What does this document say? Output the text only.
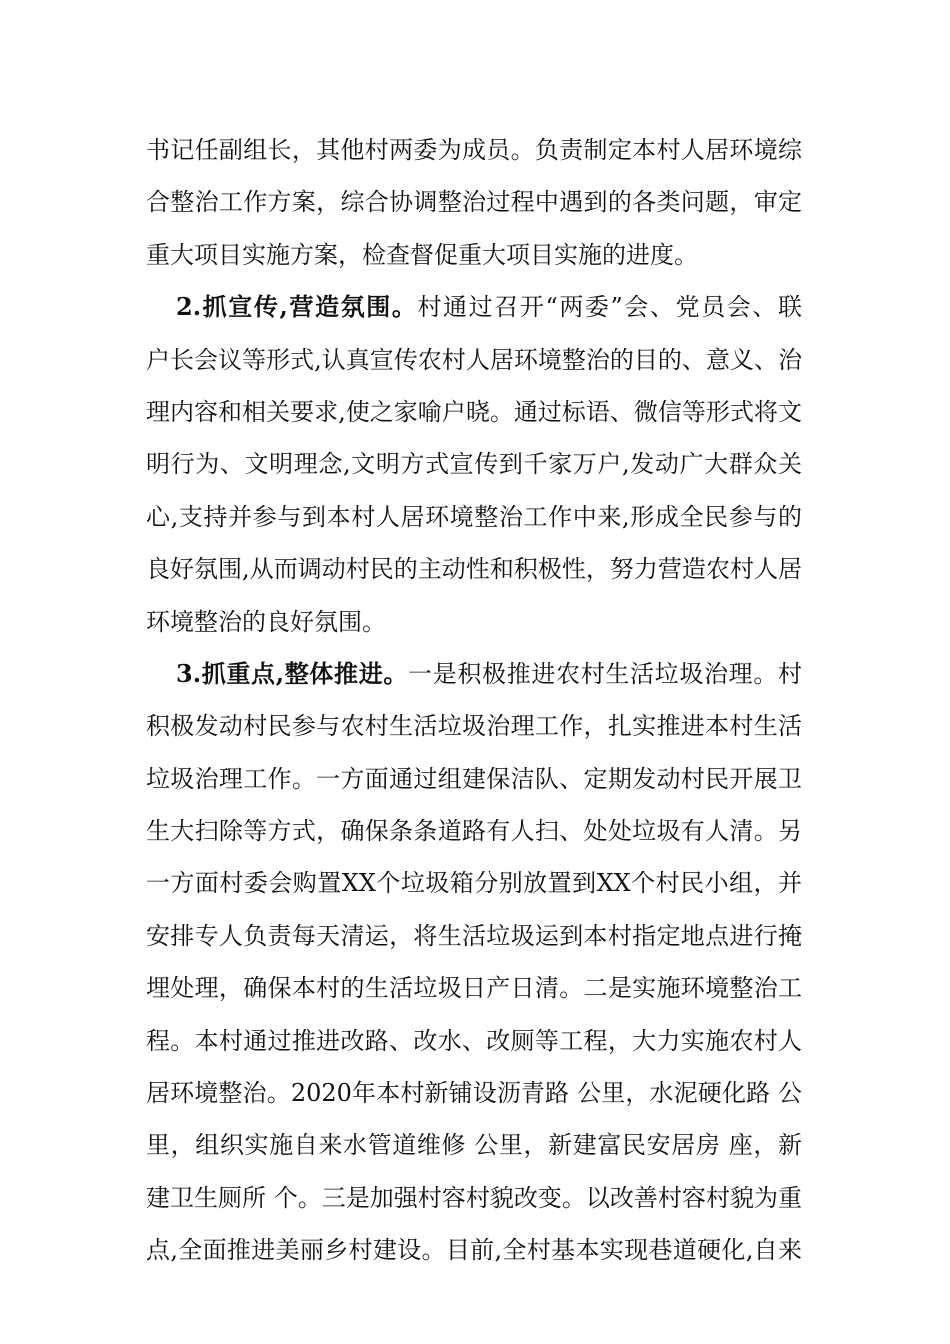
书记任副组长，其他村两委为成员。负责制定本村人居环境综
合整治工作方案，综合协调整治过程中遇到的各类问题，审定
重大项目实施方案，检查督促重大项目实施的进度。
2.抓宣传,营造氛围。村通过召开“两委”会、党员会、联
户长会议等形式,认真宣传农村人居环境整治的目的、意义、治
理内容和相关要求,使之家喻户晓。通过标语、微信等形式将文
明行为、文明理念,文明方式宣传到千家万户,发动广大群众关
心,支持并参与到本村人居环境整治工作中来,形成全民参与的
良好氛围,从而调动村民的主动性和积极性，努力营造农村人居
环境整治的良好氛围。
3.抓重点,整体推进。一是积极推进农村生活垃圾治理。村
积极发动村民参与农村生活垃圾治理工作，扎实推进本村生活
垃圾治理工作。一方面通过组建保洁队、定期发动村民开展卫
生大扫除等方式，确保条条道路有人扫、处处垃圾有人清。另
一方面村委会购置XX个垃圾箱分别放置到XX个村民小组，并
安排专人负责每天清运，将生活垃圾运到本村指定地点进行掩
埋处理，确保本村的生活垃圾日产日清。二是实施环境整治工
程。本村通过推进改路、改水、改厕等工程，大力实施农村人
居环境整治。2020年本村新铺设沥青路 公里，水泥硬化路 公
里，组织实施自来水管道维修 公里，新建富民安居房 座，新
建卫生厕所 个。三是加强村容村貌改变。以改善村容村貌为重
点,全面推进美丽乡村建设。目前,全村基本实现巷道硬化,自来
